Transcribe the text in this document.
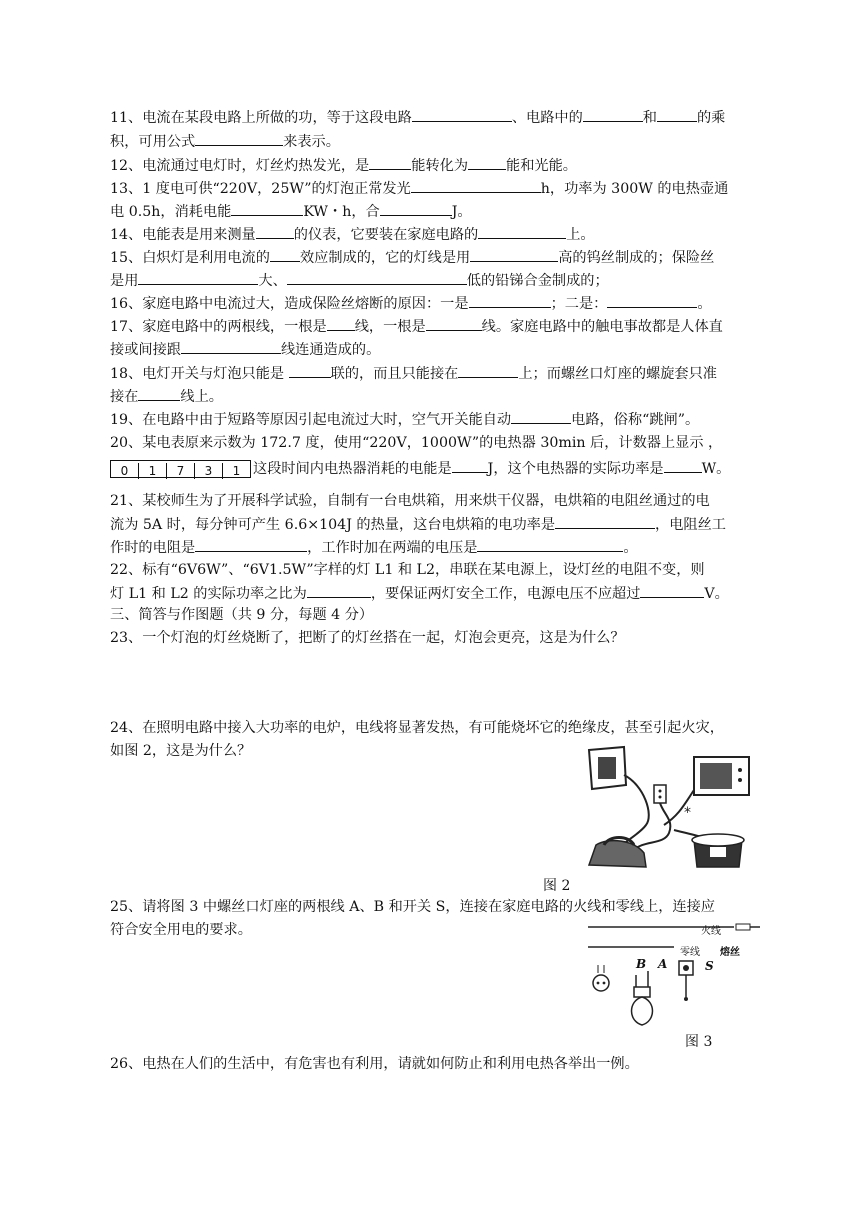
11、电流在某段电路上所做的功，等于这段电路	、电路中的	和	的乘
积，可用公式	来表示。
12、电流通过电灯时，灯丝灼热发光，是	能转化为	能和光能。
13、1 度电可供“220V，25W”的灯泡正常发光	h，功率为 300W 的电热壶通
电 0.5h，消耗电能	KW・h，合	J。
14、电能表是用来测量	的仪表，它要装在家庭电路的	上。
15、白炽灯是利用电流的 效应制成的，它的灯线是用	高的钨丝制成的；保险丝
是用	大、	低的铅锑合金制成的；
16、家庭电路中电流过大，造成保险丝熔断的原因：一是	；二是：	。
17、家庭电路中的两根线，一根是 线，一根是	线。家庭电路中的触电事故都是人体直
接或间接跟	线连通造成的。
18、电灯开关与灯泡只能是	联的，而且只能接在	上；而螺丝口灯座的螺旋套只准
接在	线上。
19、在电路中由于短路等原因引起电流过大时，空气开关能自动	电路，俗称“跳闸”。
20、某电表原来示数为 172.7 度，使用“220V，1000W”的电热器 30min 后，计数器上显示 ，
0 1 7 3 1 这段时间内电热器消耗的电能是	J，这个电热器的实际功率是	W。
21、某校师生为了开展科学试验，自制有一台电烘箱，用来烘干仪器，电烘箱的电阻丝通过的电
流为 5A 时，每分钟可产生 6.6×104J 的热量，这台电烘箱的电功率是	，电阻丝工
作时的电阻是	，工作时加在两端的电压是	。
22、标有“6V6W”、“6V1.5W”字样的灯 L1 和 L2，串联在某电源上，设灯丝的电阻不变，则
灯 L1 和 L2 的实际功率之比为	，要保证两灯安全工作，电源电压不应超过	V。
三、简答与作图题（共 9 分，每题 4 分）
23、一个灯泡的灯丝烧断了，把断了的灯丝搭在一起，灯泡会更亮，这是为什么？
24、在照明电路中接入大功率的电炉，电线将显著发热，有可能烧坏它的绝缘皮，甚至引起火灾，
如图 2，这是为什么？
*
图 2
25、请将图 3 中螺丝口灯座的两根线 A、B 和开关 S，连接在家庭电路的火线和零线上，连接应
符合安全用电的要求。	火线
零线 熔丝
B A	S
图 3
26、电热在人们的生活中，有危害也有利用，请就如何防止和利用电热各举出一例。
